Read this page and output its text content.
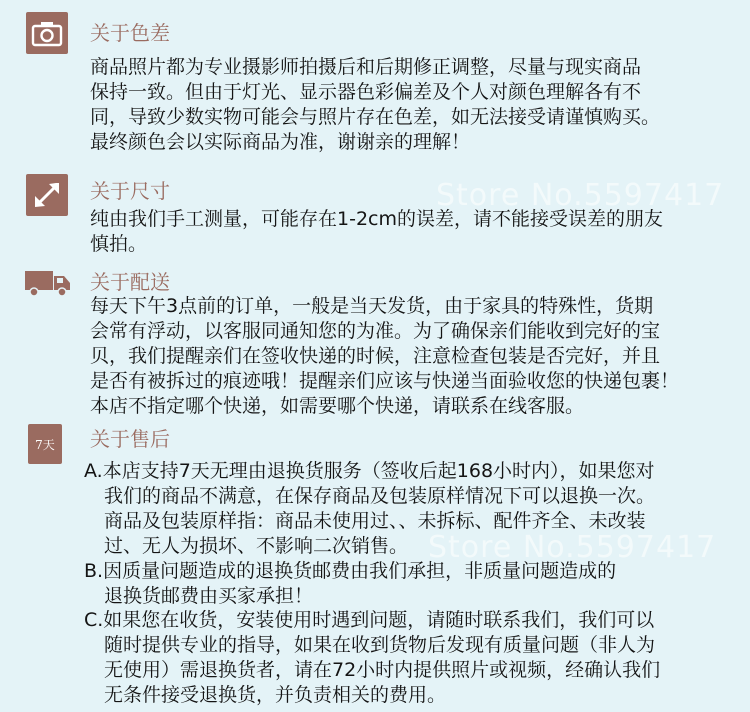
Store No.5597417
Store No.5597417
关于色差
商品照片都为专业摄影师拍摄后和后期修正调整，尽量与现实商品
保持一致。但由于灯光、显示器色彩偏差及个人对颜色理解各有不
同，导致少数实物可能会与照片存在色差，如无法接受请谨慎购买。
最终颜色会以实际商品为准，谢谢亲的理解！
关于尺寸
纯由我们手工测量，可能存在1-2cm的误差，请不能接受误差的朋友
慎拍。
关于配送
每天下午3点前的订单，一般是当天发货，由于家具的特殊性，货期
会常有浮动，以客服同通知您的为准。为了确保亲们能收到完好的宝
贝，我们提醒亲们在签收快递的时候，注意检查包装是否完好，并且
是否有被拆过的痕迹哦！提醒亲们应该与快递当面验收您的快递包裹！
本店不指定哪个快递，如需要哪个快递，请联系在线客服。
7天 关于售后
A.本店支持7天无理由退换货服务（签收后起168小时内），如果您对
我们的商品不满意，在保存商品及包装原样情况下可以退换一次。
商品及包装原样指：商品未使用过、、未拆标、配件齐全、未改装
过、无人为损坏、不影响二次销售。
B.因质量问题造成的退换货邮费由我们承担，非质量问题造成的
退换货邮费由买家承担！
C.如果您在收货，安装使用时遇到问题，请随时联系我们，我们可以
随时提供专业的指导，如果在收到货物后发现有质量问题（非人为
无使用）需退换货者，请在72小时内提供照片或视频，经确认我们
无条件接受退换货，并负责相关的费用。
